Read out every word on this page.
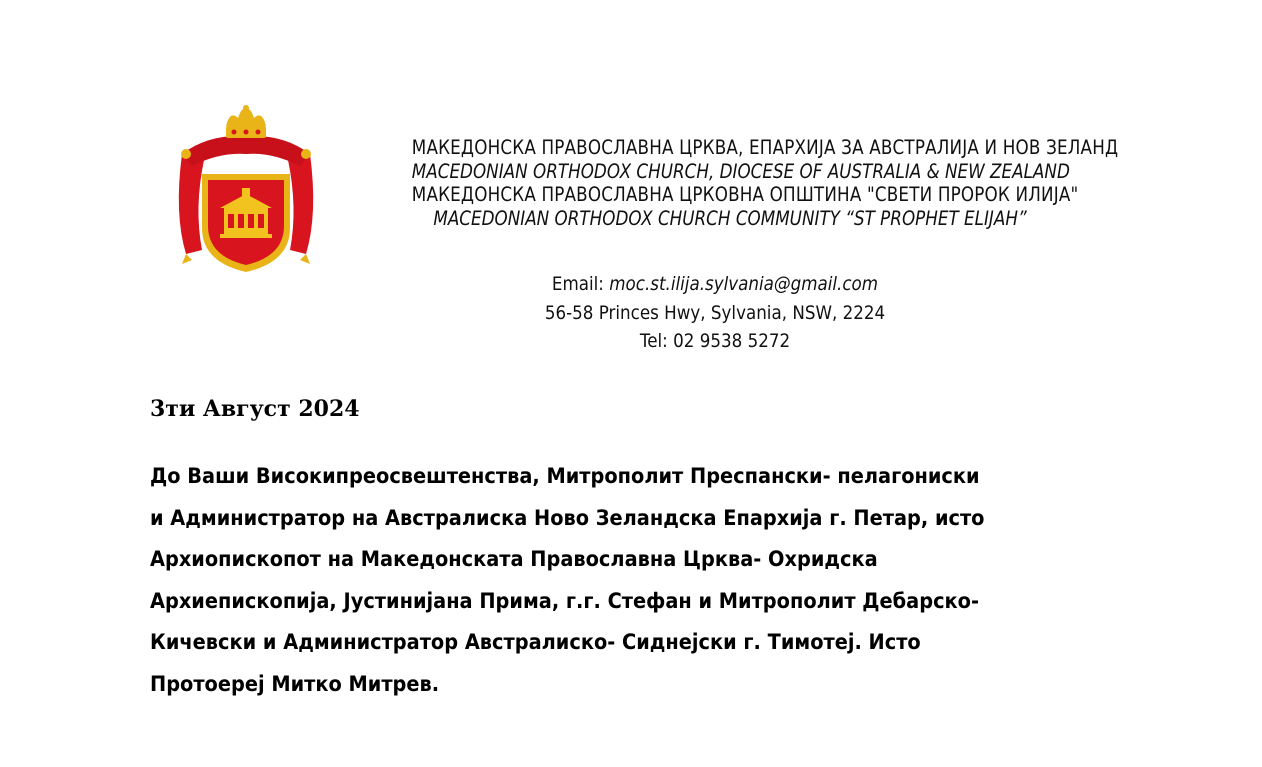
МАКЕДОНСКА ПРАВОСЛАВНА ЦРКВА, ЕПАРХИЈА ЗА АВСТРАЛИЈА И НОВ ЗЕЛАНД
MACEDONIAN ORTHODOX CHURCH, DIOCESE OF AUSTRALIA & NEW ZEALAND
МАКЕДОНСКА ПРАВОСЛАВНА ЦРКОВНА ОПШТИНА "СВЕТИ ПРОРОК ИЛИЈА"
MACEDONIAN ORTHODOX CHURCH COMMUNITY “ST PROPHET ELIJAH”
Email: moc.st.ilija.sylvania@gmail.com
56-58 Princes Hwy, Sylvania, NSW, 2224
Tel: 02 9538 5272
3ти Август 2024
До Ваши Високипреосвештенства, Митрополит Преспански- пелагониски
и Администратор на Австралиска Ново Зеландска Епархија г. Петар, исто
Архиопископот на Македонската Православна Црква- Охридска
Архиепископија, Јустинијана Прима, г.г. Стефан и Митрополит Дебарско-
Кичевски и Администратор Австралиско- Сиднејски г. Тимотеј. Исто
Протоерej Митко Митрев.
